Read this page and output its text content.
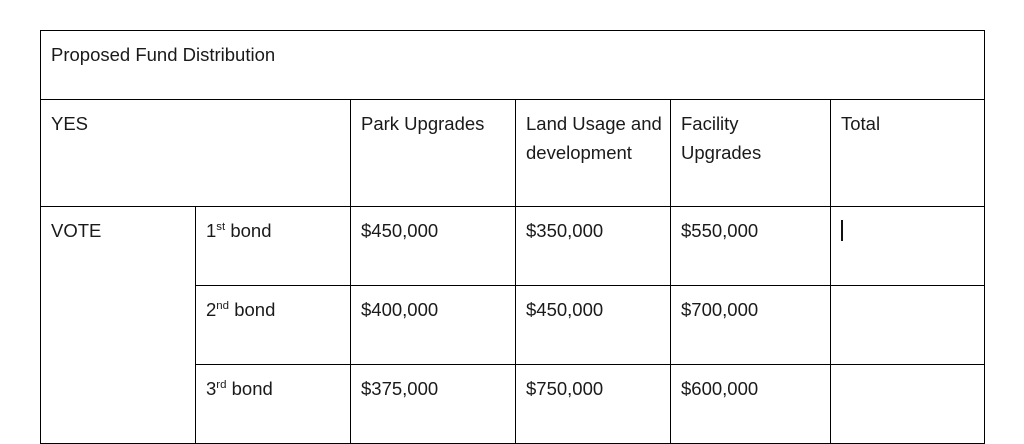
Proposed Fund Distribution					

YES		Park Upgrades	Land Usage and development	Facility Upgrades	Total

VOTE	1st bond	$450,000	$350,000	$550,000	

	2nd bond	$400,000	$450,000	$700,000	

	3rd bond	$375,000	$750,000	$600,000	
